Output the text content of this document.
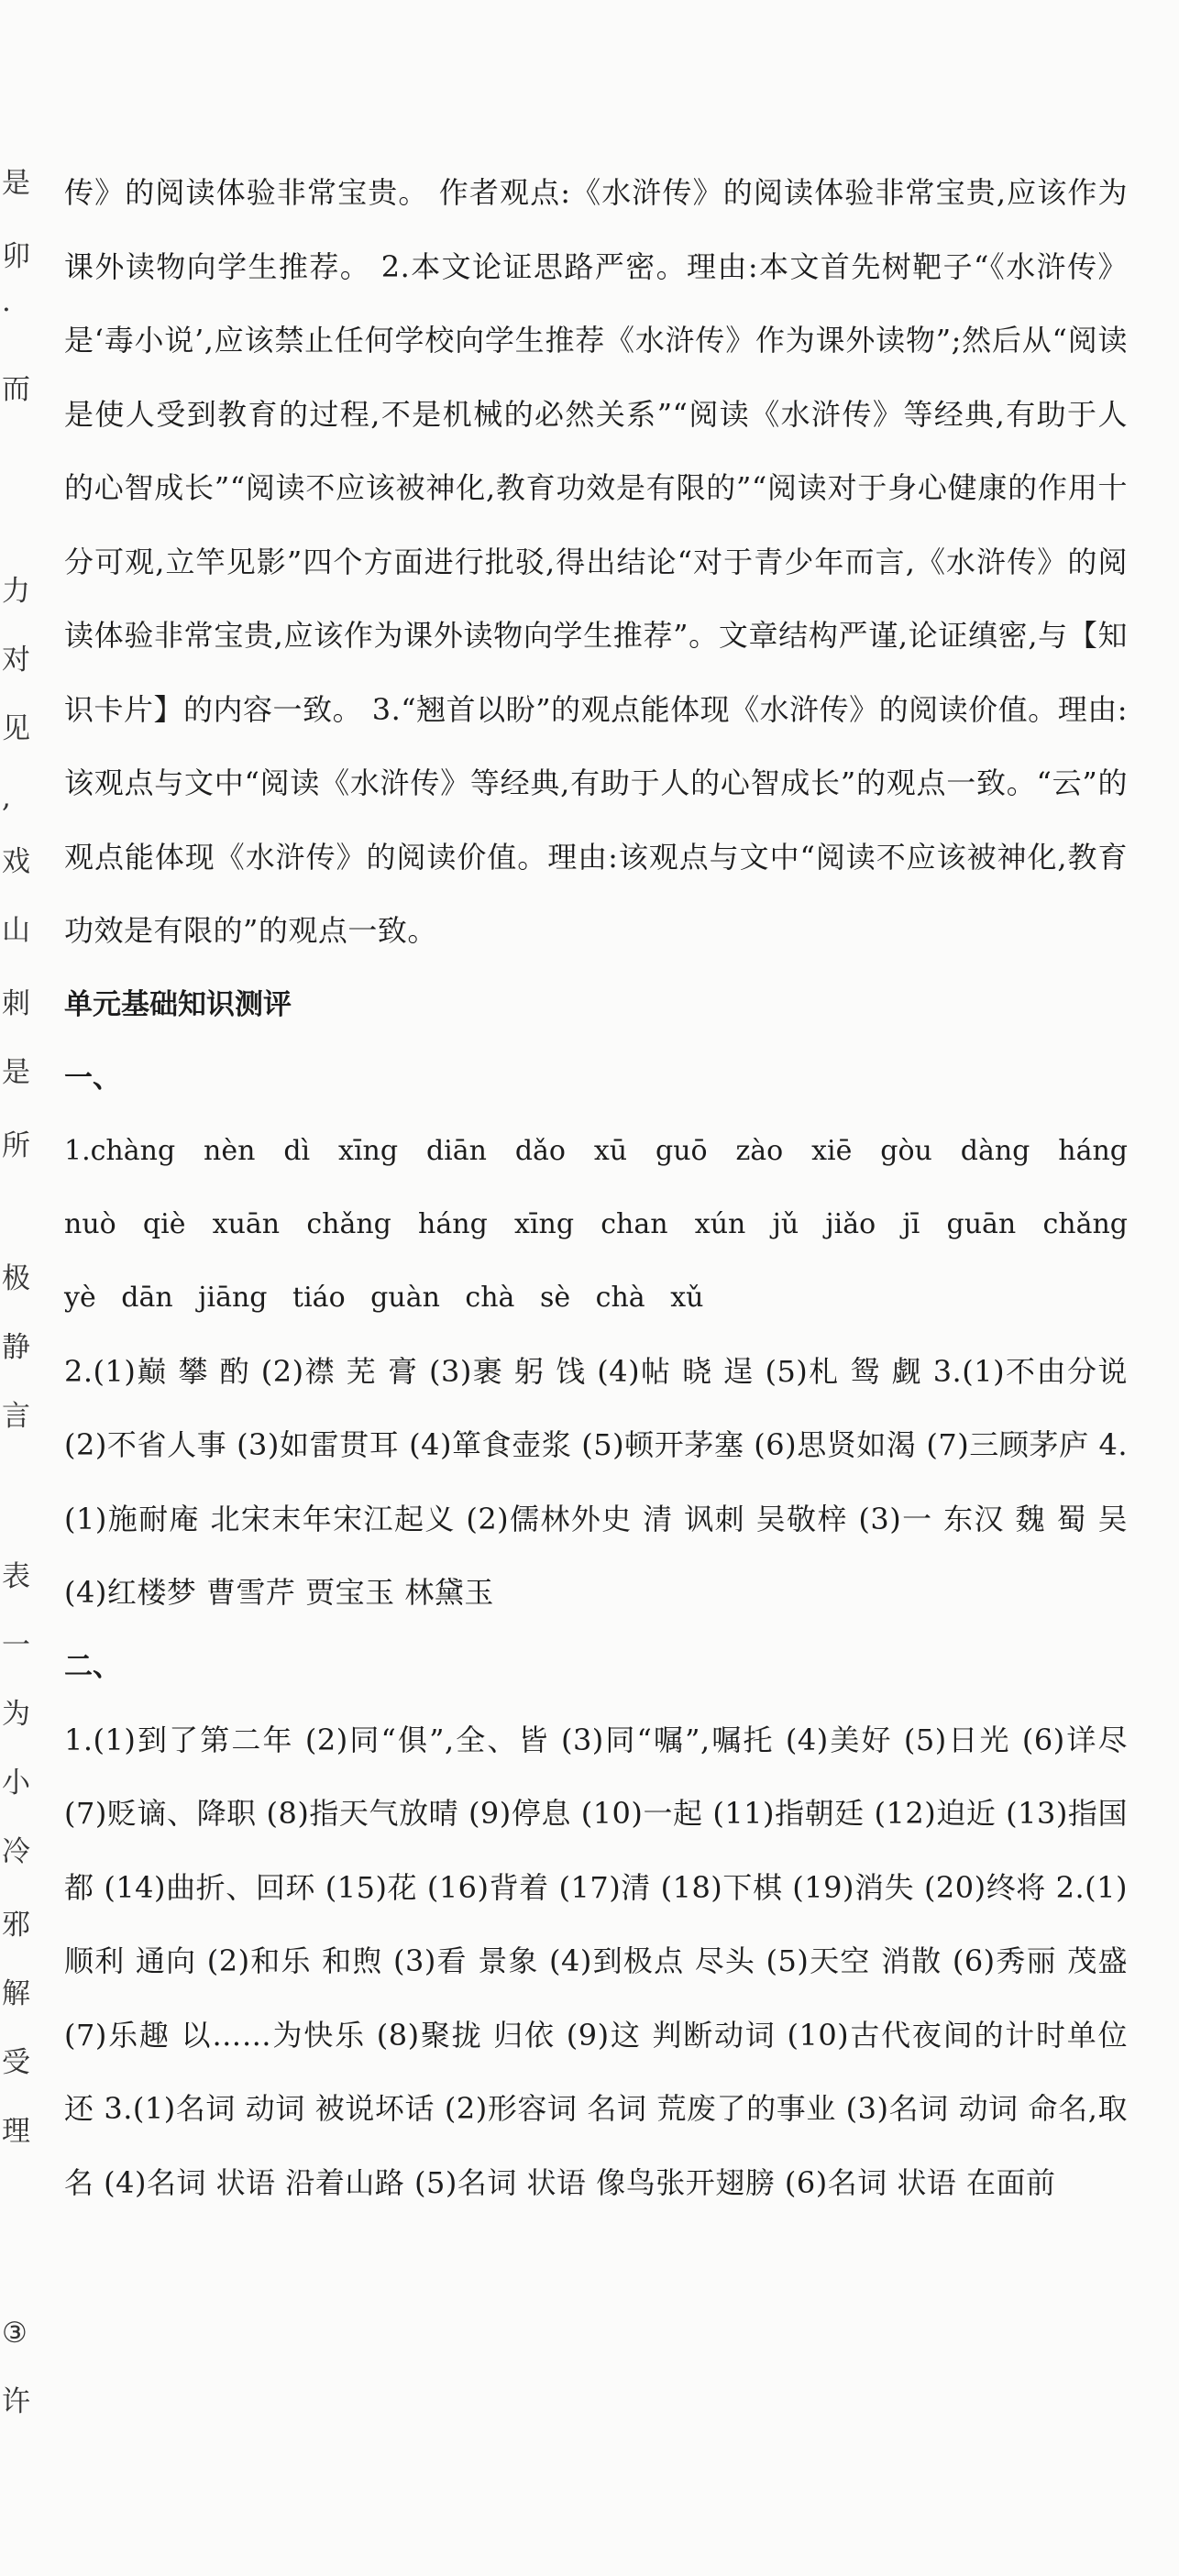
是
卯
·
而
力
对
见
,
戏
山
刺
是
所
极
静
言
表
一
为
小
冷
邪
解
受
理
③
许

传》的阅读体验非常宝贵。 作者观点:《水浒传》的阅读体验非常宝贵,应该作为课外读物向学生推荐。 2.本文论证思路严密。理由:本文首先树靶子“《水浒传》是‘毒小说’,应该禁止任何学校向学生推荐《水浒传》作为课外读物”;然后从“阅读是使人受到教育的过程,不是机械的必然关系”“阅读《水浒传》等经典,有助于人的心智成长”“阅读不应该被神化,教育功效是有限的”“阅读对于身心健康的作用十分可观,立竿见影”四个方面进行批驳,得出结论“对于青少年而言,《水浒传》的阅读体验非常宝贵,应该作为课外读物向学生推荐”。文章结构严谨,论证缜密,与【知识卡片】的内容一致。 3.“翘首以盼”的观点能体现《水浒传》的阅读价值。理由:该观点与文中“阅读《水浒传》等经典,有助于人的心智成长”的观点一致。“云”的观点能体现《水浒传》的阅读价值。理由:该观点与文中“阅读不应该被神化,教育功效是有限的”的观点一致。

单元基础知识测评

一、

1.chàng nèn dì xīng diān dǎo xū guō zào xiē gòu dàng háng nuò qiè xuān chǎng háng xīng chan xún jǔ jiǎo jī guān chǎng yè dān jiāng tiáo guàn chà sè chà xǔ

2.(1)巅 攀 酌 (2)襟 芜 膏 (3)裹 躬 饯 (4)帖 晓 逞 (5)札 鸳 觑 3.(1)不由分说 (2)不省人事 (3)如雷贯耳 (4)箪食壶浆 (5)顿开茅塞 (6)思贤如渴 (7)三顾茅庐 4.(1)施耐庵 北宋末年宋江起义 (2)儒林外史 清 讽刺 吴敬梓 (3)一 东汉 魏 蜀 吴 (4)红楼梦 曹雪芹 贾宝玉 林黛玉

二、

1.(1)到了第二年 (2)同“俱”,全、皆 (3)同“嘱”,嘱托 (4)美好 (5)日光 (6)详尽 (7)贬谪、降职 (8)指天气放晴 (9)停息 (10)一起 (11)指朝廷 (12)迫近 (13)指国都 (14)曲折、回环 (15)花 (16)背着 (17)清 (18)下棋 (19)消失 (20)终将 2.(1)顺利 通向 (2)和乐 和煦 (3)看 景象 (4)到极点 尽头 (5)天空 消散 (6)秀丽 茂盛 (7)乐趣 以……为快乐 (8)聚拢 归依 (9)这 判断动词 (10)古代夜间的计时单位 还 3.(1)名词 动词 被说坏话 (2)形容词 名词 荒废了的事业 (3)名词 动词 命名,取名 (4)名词 状语 沿着山路 (5)名词 状语 像鸟张开翅膀 (6)名词 状语 在面前
